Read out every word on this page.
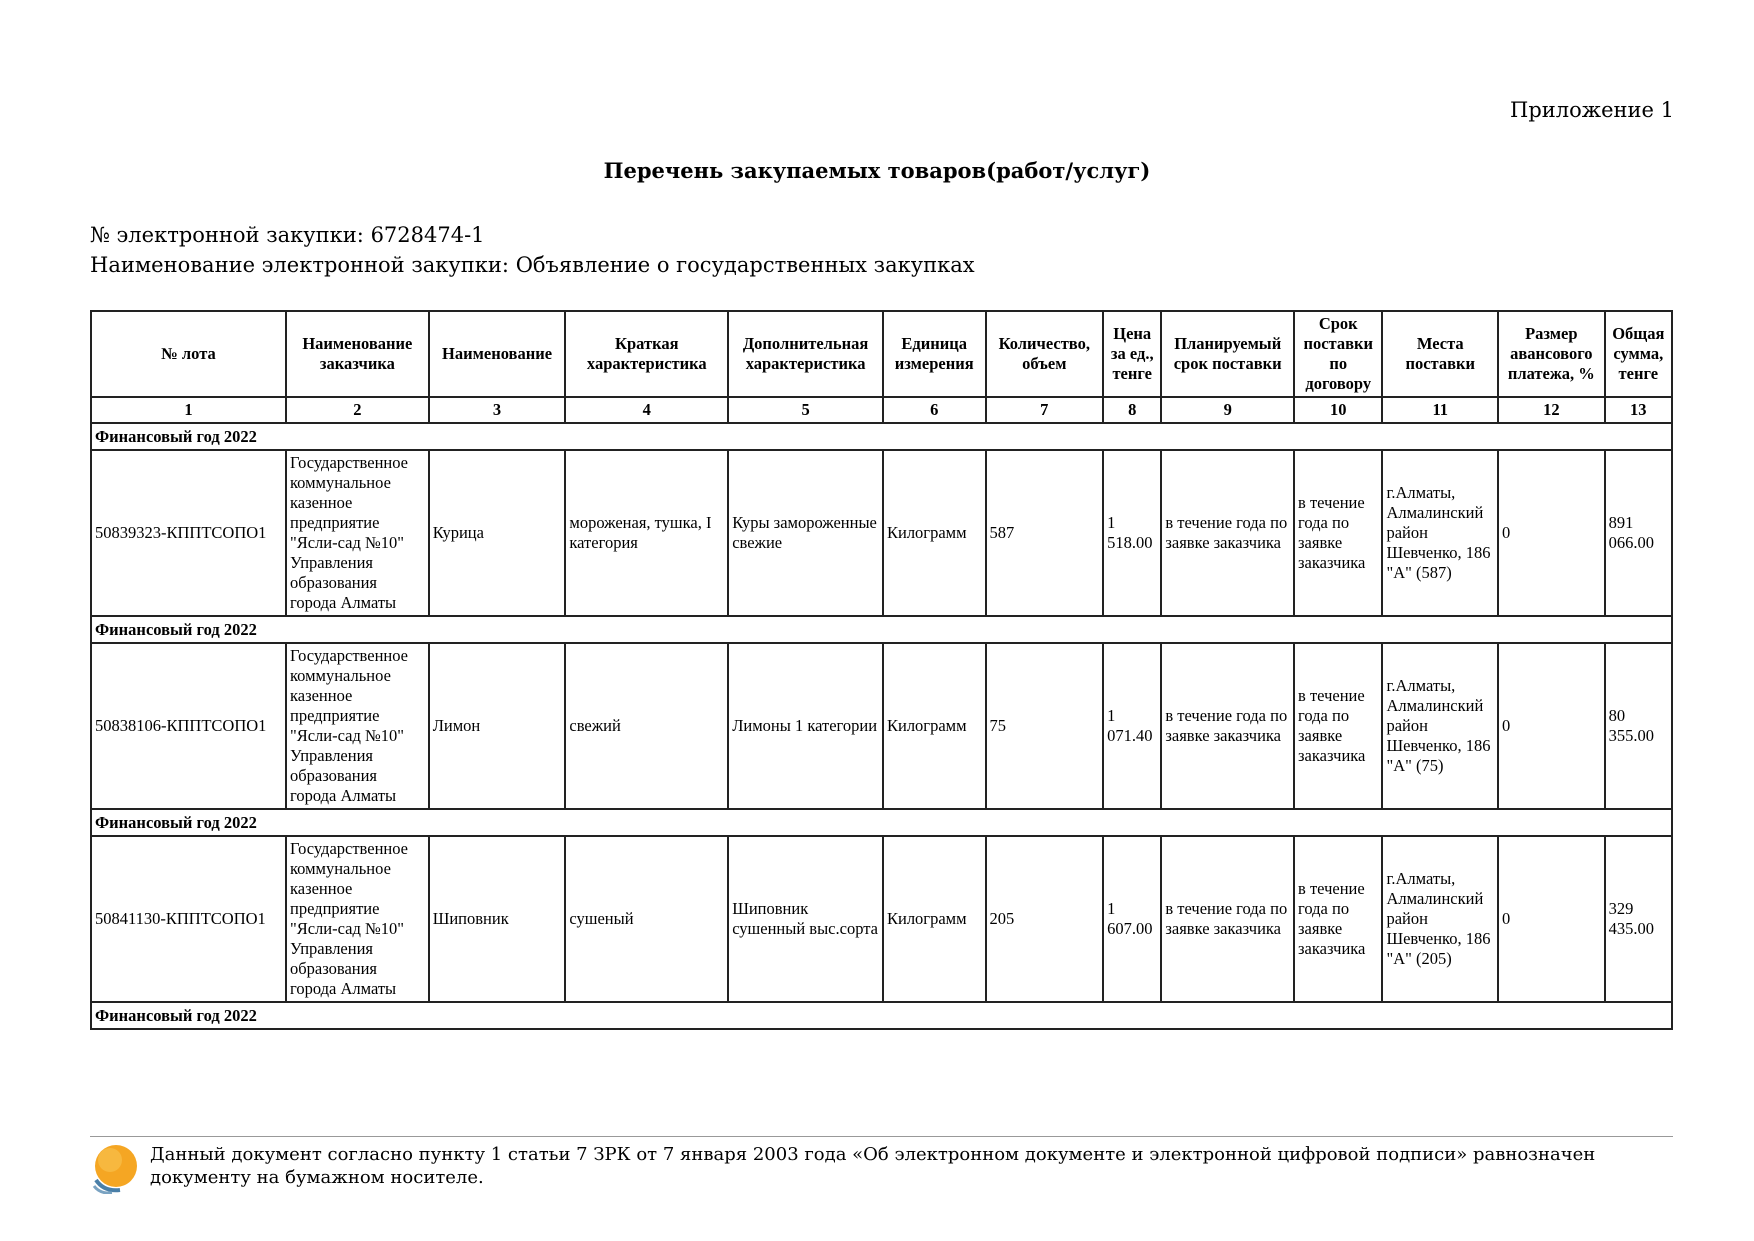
Приложение 1
Перечень закупаемых товаров(работ/услуг)
№ электронной закупки: 6728474-1
Наименование электронной закупки: Объявление о государственных закупках
№ лота	Наименование заказчика	Наименование	Краткая характеристика	Дополнительная характеристика	Единица измерения	Количество, объем	Цена за ед., тенге	Планируемый срок поставки	Срок поставки по договору	Места поставки	Размер авансового платежа, %	Общая сумма, тенге
1	2	3	4	5	6	7	8	9	10	11	12	13
Финансовый год 2022												
50839323-КППТСОПО1	Государственное коммунальное казенное предприятие "Ясли-сад №10" Управления образования города Алматы	Курица	мороженая, тушка, I категория	Куры замороженные свежие	Килограмм	587	1 518.00	в течение года по заявке заказчика	в течение года по заявке заказчика	г.Алматы, Алмалинский район Шевченко, 186 "А" (587)	0	891 066.00
Финансовый год 2022												
50838106-КППТСОПО1	Государственное коммунальное казенное предприятие "Ясли-сад №10" Управления образования города Алматы	Лимон	свежий	Лимоны 1 категории	Килограмм	75	1 071.40	в течение года по заявке заказчика	в течение года по заявке заказчика	г.Алматы, Алмалинский район Шевченко, 186 "А" (75)	0	80 355.00
Финансовый год 2022												
50841130-КППТСОПО1	Государственное коммунальное казенное предприятие "Ясли-сад №10" Управления образования города Алматы	Шиповник	сушеный	Шиповник сушенный выс.сорта	Килограмм	205	1 607.00	в течение года по заявке заказчика	в течение года по заявке заказчика	г.Алматы, Алмалинский район Шевченко, 186 "А" (205)	0	329 435.00
Финансовый год 2022												
Данный документ согласно пункту 1 статьи 7 ЗРК от 7 января 2003 года «Об электронном документе и электронной цифровой подписи» равнозначен документу на бумажном носителе.
